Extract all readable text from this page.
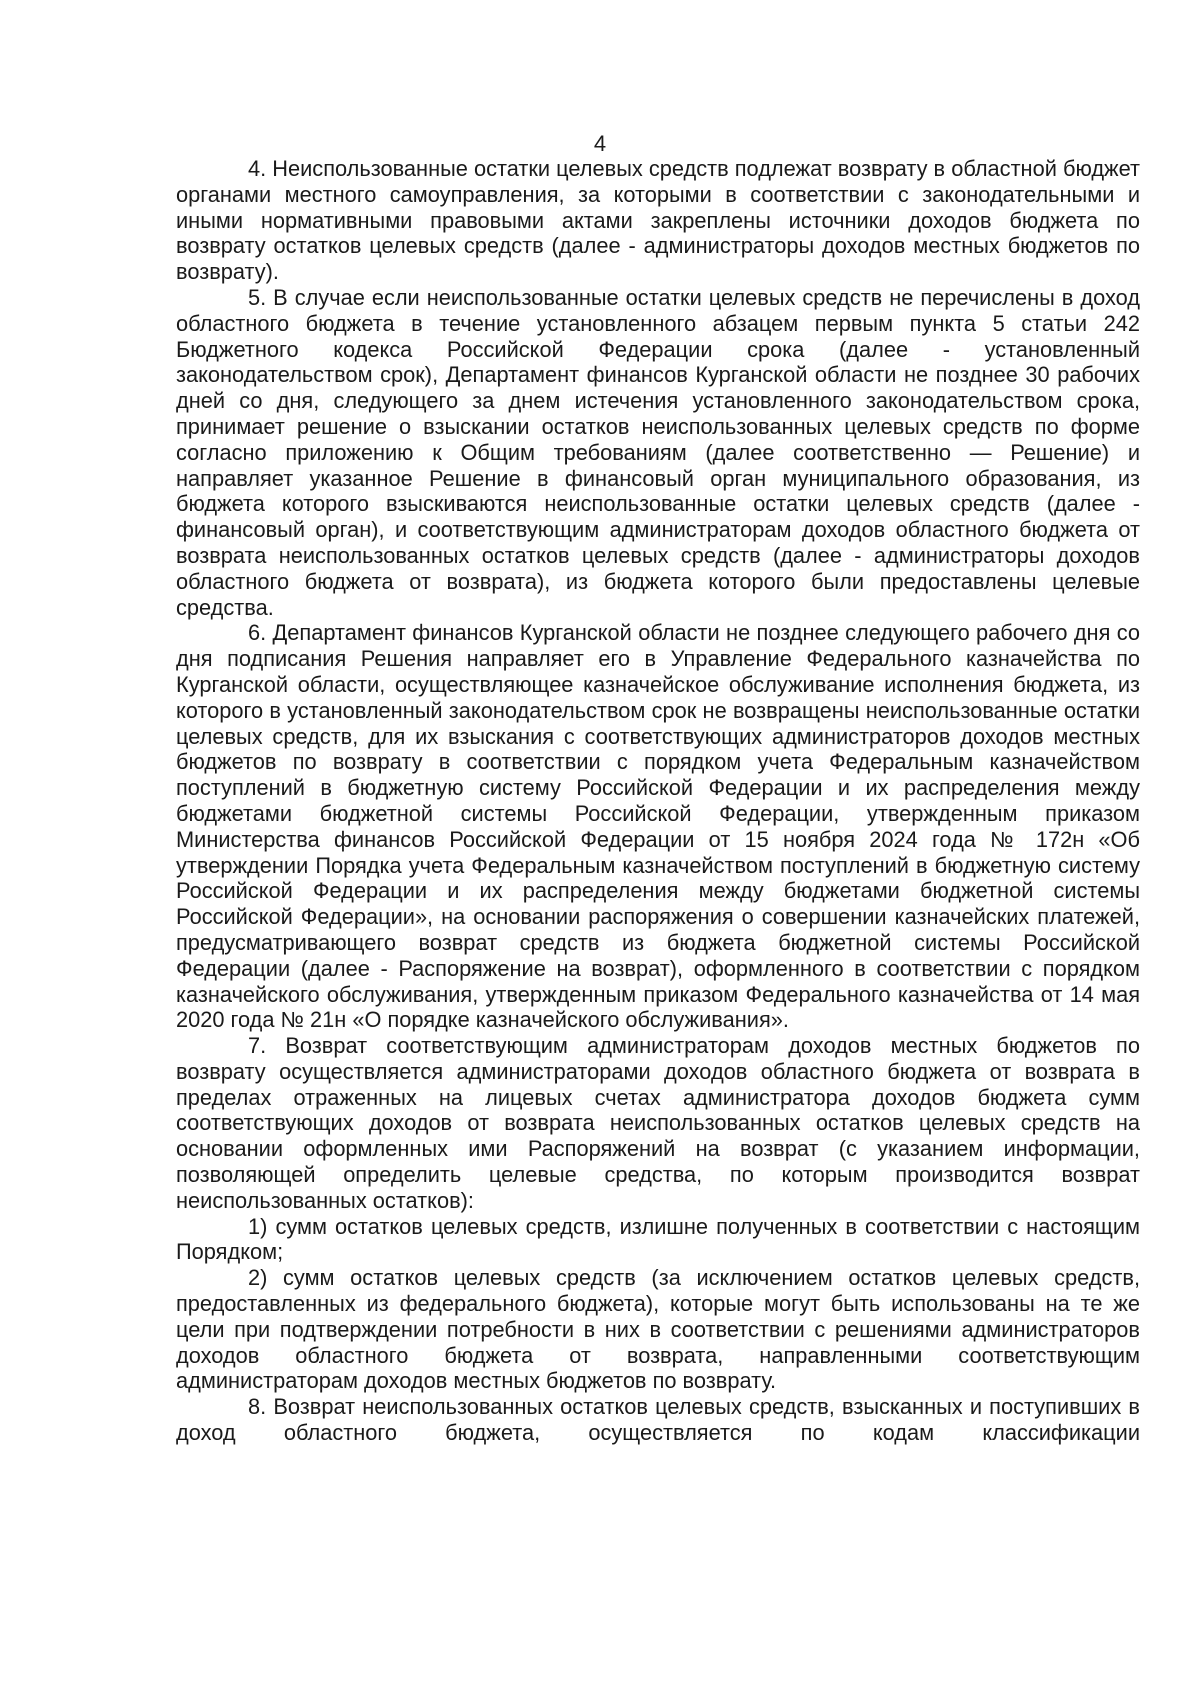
4

4. Неиспользованные остатки целевых средств подлежат возврату в областной бюджет органами местного самоуправления, за которыми в соответствии с законодательными и иными нормативными правовыми актами закреплены источники доходов бюджета по возврату остатков целевых средств (далее - администраторы доходов местных бюджетов по возврату).

5. В случае если неиспользованные остатки целевых средств не перечислены в доход областного бюджета в течение установленного абзацем первым пункта 5 статьи 242 Бюджетного кодекса Российской Федерации срока (далее - установленный законодательством срок), Департамент финансов Курганской области не позднее 30 рабочих дней со дня, следующего за днем истечения установленного законодательством срока, принимает решение о взыскании остатков неиспользованных целевых средств по форме согласно приложению к Общим требованиям (далее соответственно — Решение) и направляет указанное Решение в финансовый орган муниципального образования, из бюджета которого взыскиваются неиспользованные остатки целевых средств (далее - финансовый орган), и соответствующим администраторам доходов областного бюджета от возврата неиспользованных остатков целевых средств (далее - администраторы доходов областного бюджета от возврата), из бюджета которого были предоставлены целевые средства.

6. Департамент финансов Курганской области не позднее следующего рабочего дня со дня подписания Решения направляет его в Управление Федерального казначейства по Курганской области, осуществляющее казначейское обслуживание исполнения бюджета, из которого в установленный законодательством срок не возвращены неиспользованные остатки целевых средств, для их взыскания с соответствующих администраторов доходов местных бюджетов по возврату в соответствии с порядком учета Федеральным казначейством поступлений в бюджетную систему Российской Федерации и их распределения между бюджетами бюджетной системы Российской Федерации, утвержденным приказом Министерства финансов Российской Федерации от 15 ноября 2024 года № 172н «Об утверждении Порядка учета Федеральным казначейством поступлений в бюджетную систему Российской Федерации и их распределения между бюджетами бюджетной системы Российской Федерации», на основании распоряжения о совершении казначейских платежей, предусматривающего возврат средств из бюджета бюджетной системы Российской Федерации (далее - Распоряжение на возврат), оформленного в соответствии с порядком казначейского обслуживания, утвержденным приказом Федерального казначейства от 14 мая 2020 года № 21н «О порядке казначейского обслуживания».

7. Возврат соответствующим администраторам доходов местных бюджетов по возврату осуществляется администраторами доходов областного бюджета от возврата в пределах отраженных на лицевых счетах администратора доходов бюджета сумм соответствующих доходов от возврата неиспользованных остатков целевых средств на основании оформленных ими Распоряжений на возврат (с указанием информации, позволяющей определить целевые средства, по которым производится возврат неиспользованных остатков):

1) сумм остатков целевых средств, излишне полученных в соответствии с настоящим Порядком;

2) сумм остатков целевых средств (за исключением остатков целевых средств, предоставленных из федерального бюджета), которые могут быть использованы на те же цели при подтверждении потребности в них в соответствии с решениями администраторов доходов областного бюджета от возврата, направленными соответствующим администраторам доходов местных бюджетов по возврату.

8. Возврат неиспользованных остатков целевых средств, взысканных и поступивших в доход областного бюджета, осуществляется по кодам классификации
